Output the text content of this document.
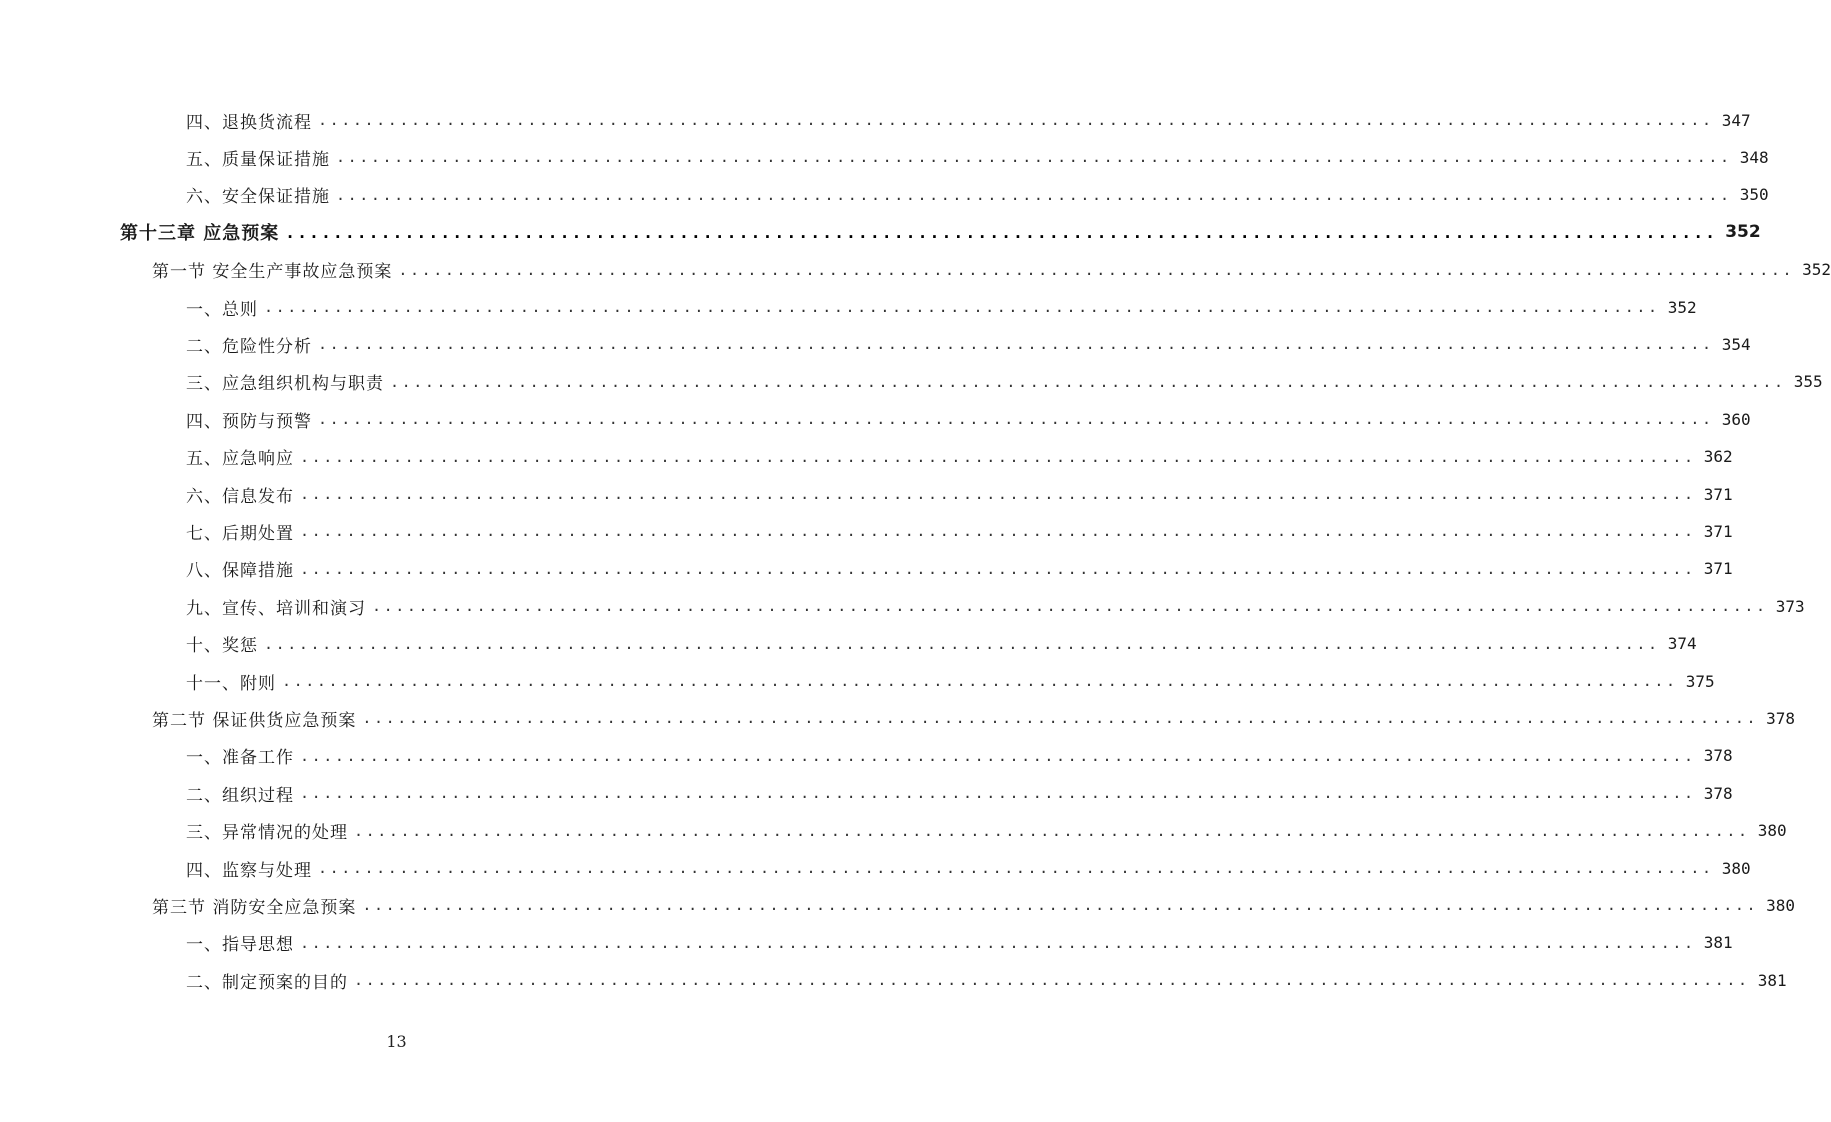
四、退换货流程 ........................................................................................................................ 347
五、质量保证措施 ........................................................................................................................ 348
六、安全保证措施 ........................................................................................................................ 350
第十三章 应急预案 ........................................................................................................................ 352
第一节 安全生产事故应急预案 ........................................................................................................................ 352
一、总则 ........................................................................................................................ 352
二、危险性分析 ........................................................................................................................ 354
三、应急组织机构与职责 ........................................................................................................................ 355
四、预防与预警 ........................................................................................................................ 360
五、应急响应 ........................................................................................................................ 362
六、信息发布 ........................................................................................................................ 371
七、后期处置 ........................................................................................................................ 371
八、保障措施 ........................................................................................................................ 371
九、宣传、培训和演习 ........................................................................................................................ 373
十、奖惩 ........................................................................................................................ 374
十一、附则 ........................................................................................................................ 375
第二节 保证供货应急预案 ........................................................................................................................ 378
一、准备工作 ........................................................................................................................ 378
二、组织过程 ........................................................................................................................ 378
三、异常情况的处理 ........................................................................................................................ 380
四、监察与处理 ........................................................................................................................ 380
第三节 消防安全应急预案 ........................................................................................................................ 380
一、指导思想 ........................................................................................................................ 381
二、制定预案的目的 ........................................................................................................................ 381
13
